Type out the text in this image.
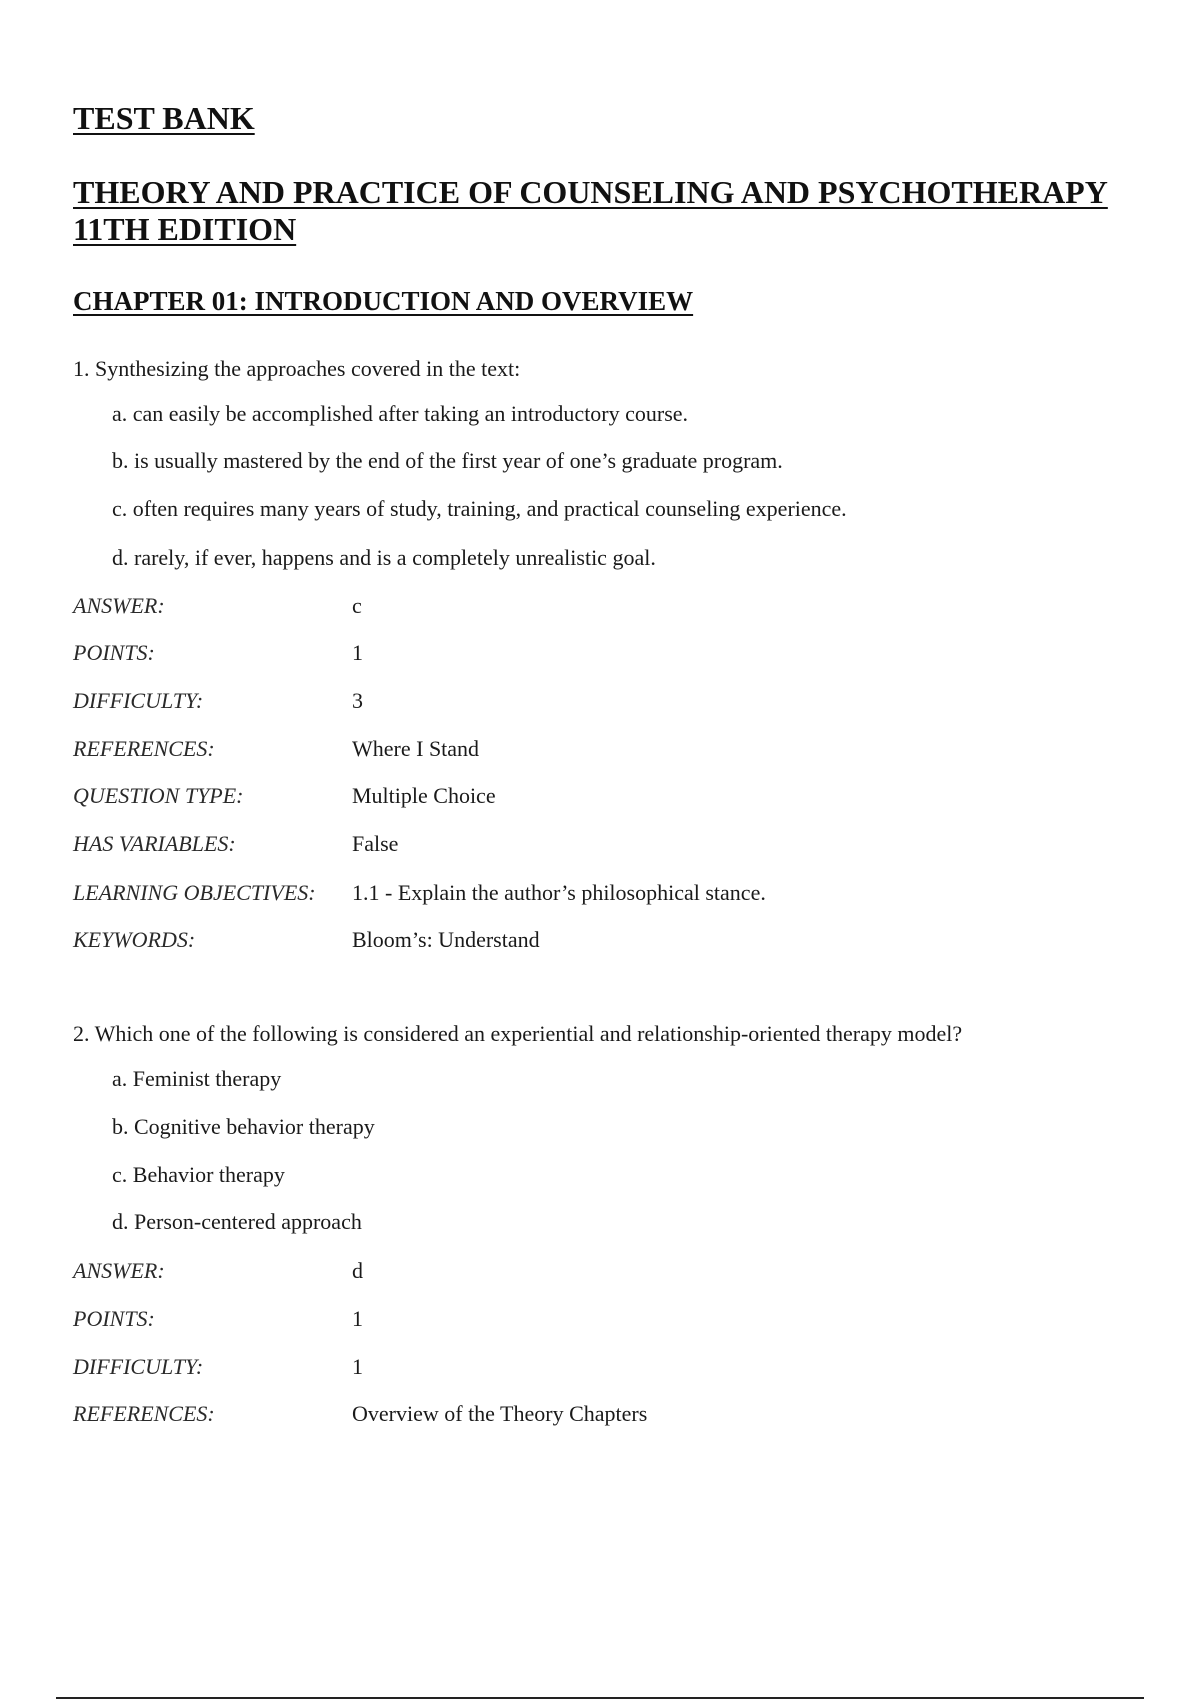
TEST BANK
THEORY AND PRACTICE OF COUNSELING AND PSYCHOTHERAPY
11TH EDITION
CHAPTER 01: INTRODUCTION AND OVERVIEW
1. Synthesizing the approaches covered in the text:
a. can easily be accomplished after taking an introductory course.
b. is usually mastered by the end of the first year of one’s graduate program.
c. often requires many years of study, training, and practical counseling experience.
d. rarely, if ever, happens and is a completely unrealistic goal.
ANSWER:	c
POINTS:	1
DIFFICULTY:	3
REFERENCES:	Where I Stand
QUESTION TYPE:	Multiple Choice
HAS VARIABLES:	False
LEARNING OBJECTIVES: 1.1 - Explain the author’s philosophical stance.
KEYWORDS:	Bloom’s: Understand
2. Which one of the following is considered an experiential and relationship-oriented therapy model?
a. Feminist therapy
b. Cognitive behavior therapy
c. Behavior therapy
d. Person-centered approach
ANSWER:	d
POINTS:	1
DIFFICULTY:	1
REFERENCES:	Overview of the Theory Chapters
